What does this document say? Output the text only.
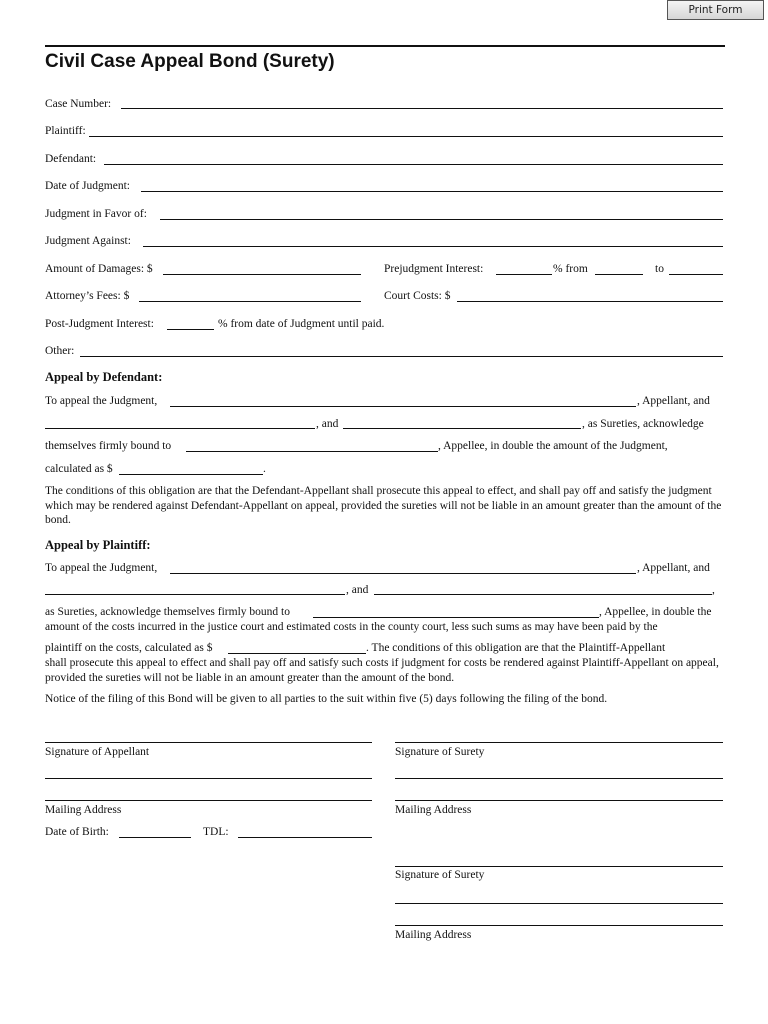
Print Form
Civil Case Appeal Bond (Surety)
Case Number:
Plaintiff:
Defendant:
Date of Judgment:
Judgment in Favor of:
Judgment Against:
Amount of Damages: $	Prejudgment Interest:	% from	to
Attorney’s Fees: $	Court Costs: $
Post-Judgment Interest:	% from date of Judgment until paid.
Other:
Appeal by Defendant:
To appeal the Judgment,	, Appellant, and
, and	, as Sureties, acknowledge
themselves firmly bound to	, Appellee, in double the amount of the Judgment,
calculated as $	.
The conditions of this obligation are that the Defendant-Appellant shall prosecute this appeal to effect, and shall pay off and satisfy the judgment which may be rendered against Defendant-Appellant on appeal, provided the sureties will not be liable in an amount greater than the amount of the bond.
Appeal by Plaintiff:
To appeal the Judgment,	, Appellant, and
, and	,
as Sureties, acknowledge themselves firmly bound to	, Appellee, in double the
amount of the costs incurred in the justice court and estimated costs in the county court, less such sums as may have been paid by the
plaintiff on the costs, calculated as $	. The conditions of this obligation are that the Plaintiff-Appellant
shall prosecute this appeal to effect and shall pay off and satisfy such costs if judgment for costs be rendered against Plaintiff-Appellant on appeal, provided the sureties will not be liable in an amount greater than the amount of the bond.
Notice of the filing of this Bond will be given to all parties to the suit within five (5) days following the filing of the bond.
Signature of Appellant	Signature of Surety
Mailing Address	Mailing Address
Date of Birth:	TDL:
Signature of Surety
Mailing Address
